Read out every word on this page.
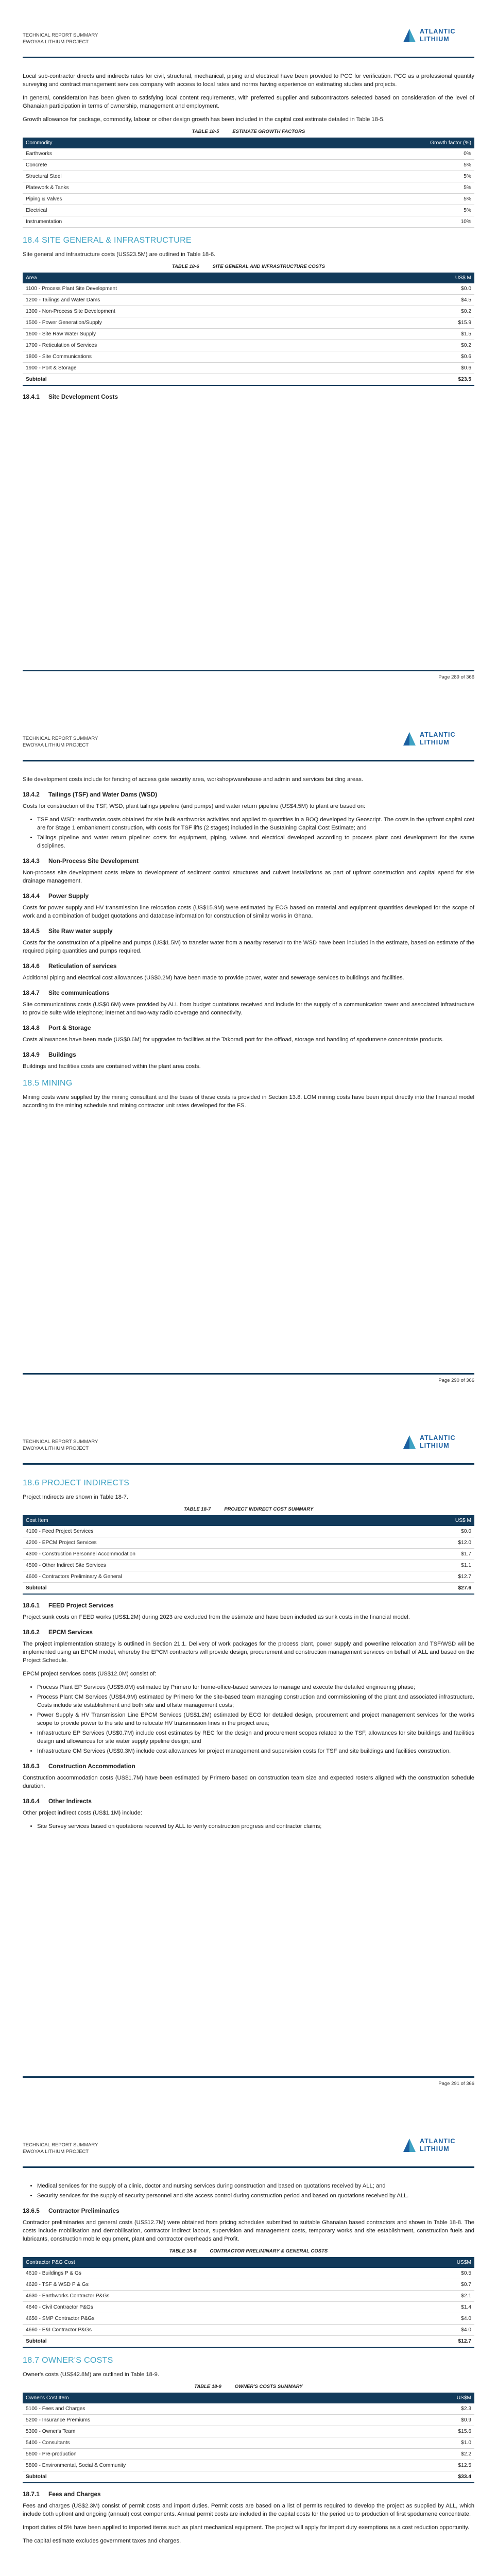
TECHNICAL REPORT SUMMARY
EWOYAA LITHIUM PROJECT
ATLANTIC
LITHIUM

Local sub-contractor directs and indirects rates for civil, structural, mechanical, piping and electrical have been provided to PCC for verification. PCC as a professional quantity surveying and contract management services company with access to local rates and norms having experience on estimating studies and projects.

In general, consideration has been given to satisfying local content requirements, with preferred supplier and subcontractors selected based on consideration of the level of Ghanaian participation in terms of ownership, management and employment.

Growth allowance for package, commodity, labour or other design growth has been included in the capital cost estimate detailed in Table 18-5.

TABLE 18-5	ESTIMATE GROWTH FACTORS
Commodity	Growth factor (%)
Earthworks	0%
Concrete	5%
Structural Steel	5%
Platework & Tanks	5%
Piping & Valves	5%
Electrical	5%
Instrumentation	10%
18.4 SITE GENERAL & INFRASTRUCTURE

Site general and infrastructure costs (US$23.5M) are outlined in Table 18-6.

TABLE 18-6	SITE GENERAL AND INFRASTRUCTURE COSTS
Area	US$ M
1100 - Process Plant Site Development	$0.0
1200 - Tailings and Water Dams	$4.5
1300 - Non-Process Site Development	$0.2
1500 - Power Generation/Supply	$15.9
1600 - Site Raw Water Supply	$1.5
1700 - Reticulation of Services	$0.2
1800 - Site Communications	$0.6
1900 - Port & Storage	$0.6
Subtotal	$23.5
18.4.1 Site Development Costs
Page 289 of 366
TECHNICAL REPORT SUMMARY
EWOYAA LITHIUM PROJECT
ATLANTIC
LITHIUM

Site development costs include for fencing of access gate security area, workshop/warehouse and admin and services building areas.

18.4.2 Tailings (TSF) and Water Dams (WSD)

Costs for construction of the TSF, WSD, plant tailings pipeline (and pumps) and water return pipeline (US$4.5M) to plant are based on:

• TSF and WSD: earthworks costs obtained for site bulk earthworks activities and applied to quantities in a BOQ developed by Geoscript. The costs in the upfront capital cost are for Stage 1 embankment construction, with costs for TSF lifts (2 stages) included in the Sustaining Capital Cost Estimate; and
• Tailings pipeline and water return pipeline: costs for equipment, piping, valves and electrical developed according to process plant cost development for the same disciplines.
18.4.3 Non-Process Site Development

Non-process site development costs relate to development of sediment control structures and culvert installations as part of upfront construction and capital spend for site drainage management.

18.4.4 Power Supply

Costs for power supply and HV transmission line relocation costs (US$15.9M) were estimated by ECG based on material and equipment quantities developed for the scope of work and a combination of budget quotations and database information for construction of similar works in Ghana.

18.4.5 Site Raw water supply

Costs for the construction of a pipeline and pumps (US$1.5M) to transfer water from a nearby reservoir to the WSD have been included in the estimate, based on estimate of the required piping quantities and pumps required.

18.4.6 Reticulation of services

Additional piping and electrical cost allowances (US$0.2M) have been made to provide power, water and sewerage services to buildings and facilities.

18.4.7 Site communications

Site communications costs (US$0.6M) were provided by ALL from budget quotations received and include for the supply of a communication tower and associated infrastructure to provide suite wide telephone; internet and two-way radio coverage and connectivity.

18.4.8 Port & Storage

Costs allowances have been made (US$0.6M) for upgrades to facilities at the Takoradi port for the offload, storage and handling of spodumene concentrate products.

18.4.9 Buildings

Buildings and facilities costs are contained within the plant area costs.

18.5 MINING

Mining costs were supplied by the mining consultant and the basis of these costs is provided in Section 13.8. LOM mining costs have been input directly into the financial model according to the mining schedule and mining contractor unit rates developed for the FS.

Page 290 of 366
TECHNICAL REPORT SUMMARY
EWOYAA LITHIUM PROJECT
ATLANTIC
LITHIUM
18.6 PROJECT INDIRECTS

Project Indirects are shown in Table 18-7.

TABLE 18-7	PROJECT INDIRECT COST SUMMARY
Cost Item	US$ M
4100 - Feed Project Services	$0.0
4200 - EPCM Project Services	$12.0
4300 - Construction Personnel Accommodation	$1.7
4500 - Other Indirect Site Services	$1.1
4600 - Contractors Preliminary & General	$12.7
Subtotal	$27.6
18.6.1 FEED Project Services

Project sunk costs on FEED works (US$1.2M) during 2023 are excluded from the estimate and have been included as sunk costs in the financial model.

18.6.2 EPCM Services

The project implementation strategy is outlined in Section 21.1. Delivery of work packages for the process plant, power supply and powerline relocation and TSF/WSD will be implemented using an EPCM model, whereby the EPCM contractors will provide design, procurement and construction management services on behalf of ALL and based on the Project Schedule.

EPCM project services costs (US$12.0M) consist of:

• Process Plant EP Services (US$5.0M) estimated by Primero for home-office-based services to manage and execute the detailed engineering phase;
• Process Plant CM Services (US$4.9M) estimated by Primero for the site-based team managing construction and commissioning of the plant and associated infrastructure. Costs include site establishment and both site and offsite management costs;
• Power Supply & HV Transmission Line EPCM Services (US$1.2M) estimated by ECG for detailed design, procurement and project management services for the works scope to provide power to the site and to relocate HV transmission lines in the project area;
• Infrastructure EP Services (US$0.7M) include cost estimates by REC for the design and procurement scopes related to the TSF, allowances for site buildings and facilities design and allowances for site water supply pipeline design; and
• Infrastructure CM Services (US$0.3M) include cost allowances for project management and supervision costs for TSF and site buildings and facilities construction.
18.6.3 Construction Accommodation

Construction accommodation costs (US$1.7M) have been estimated by Primero based on construction team size and expected rosters aligned with the construction schedule duration.

18.6.4 Other Indirects

Other project indirect costs (US$1.1M) include:

• Site Survey services based on quotations received by ALL to verify construction progress and contractor claims;
Page 291 of 366
TECHNICAL REPORT SUMMARY
EWOYAA LITHIUM PROJECT
ATLANTIC
LITHIUM
• Medical services for the supply of a clinic, doctor and nursing services during construction and based on quotations received by ALL; and
• Security services for the supply of security personnel and site access control during construction period and based on quotations received by ALL.
18.6.5 Contractor Preliminaries

Contractor preliminaries and general costs (US$12.7M) were obtained from pricing schedules submitted to suitable Ghanaian based contractors and shown in Table 18-8. The costs include mobilisation and demobilisation, contractor indirect labour, supervision and management costs, temporary works and site establishment, construction fuels and lubricants, construction mobile equipment, plant and contractor overheads and Profit.

TABLE 18-8	CONTRACTOR PRELIMINARY & GENERAL COSTS
Contractor P&G Cost	US$M
4610 - Buildings P & Gs	$0.5
4620 - TSF & WSD P & Gs	$0.7
4630 - Earthworks Contractor P&Gs	$2.1
4640 - Civil Contractor P&Gs	$1.4
4650 - SMP Contractor P&Gs	$4.0
4660 - E&I Contractor P&Gs	$4.0
Subtotal	$12.7
18.7 OWNER'S COSTS

Owner's costs (US$42.8M) are outlined in Table 18-9.

TABLE 18-9	OWNER'S COSTS SUMMARY
Owner's Cost Item	US$M
5100 - Fees and Charges	$2.3
5200 - Insurance Premiums	$0.9
5300 - Owner's Team	$15.6
5400 - Consultants	$1.0
5600 - Pre-production	$2.2
5800 - Environmental, Social & Community	$12.5
Subtotal	$33.4
18.7.1 Fees and Charges

Fees and charges (US$2.3M) consist of permit costs and import duties. Permit costs are based on a list of permits required to develop the project as supplied by ALL, which include both upfront and ongoing (annual) cost components. Annual permit costs are included in the capital costs for the period up to production of first spodumene concentrate.

Import duties of 5% have been applied to imported items such as plant mechanical equipment. The project will apply for import duty exemptions as a cost reduction opportunity.

The capital estimate excludes government taxes and charges.
